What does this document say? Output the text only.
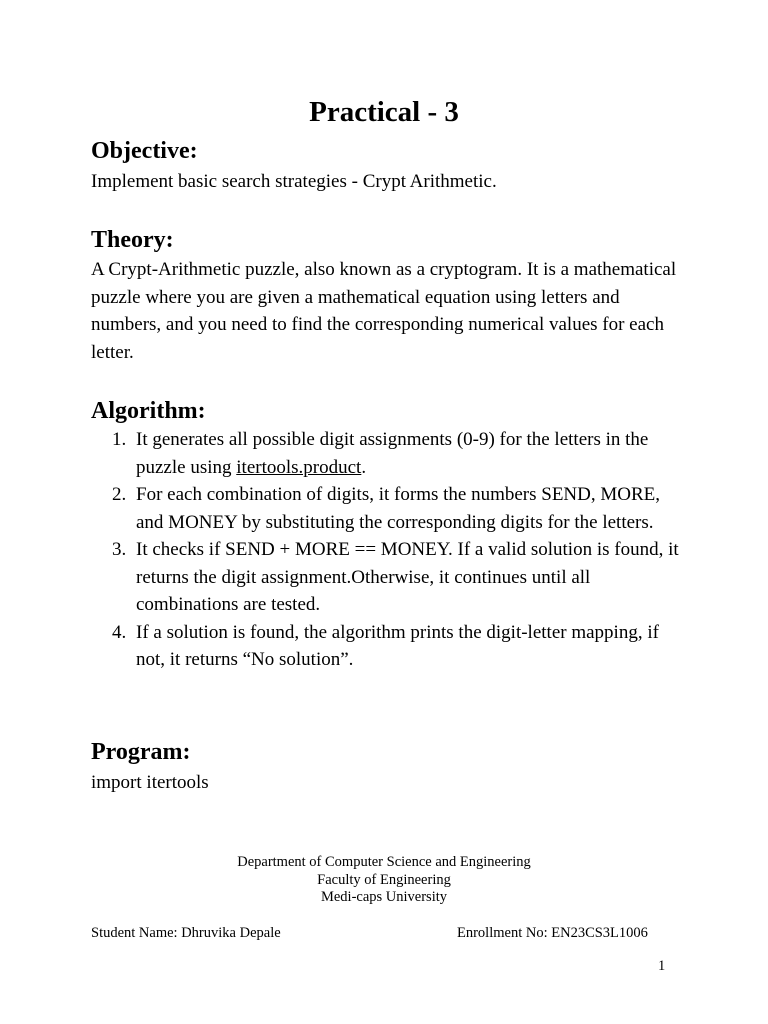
Practical - 3
Objective:

Implement basic search strategies - Crypt Arithmetic.

Theory:

A Crypt-Arithmetic puzzle, also known as a cryptogram. It is a mathematical puzzle where you are given a mathematical equation using letters and numbers, and you need to find the corresponding numerical values for each letter.

Algorithm:
1. It generates all possible digit assignments (0-9) for the letters in the puzzle using itertools.product.
2. For each combination of digits, it forms the numbers SEND, MORE, and MONEY by substituting the corresponding digits for the letters.
3. It checks if SEND + MORE == MONEY. If a valid solution is found, it returns the digit assignment.Otherwise, it continues until all combinations are tested.
4. If a solution is found, the algorithm prints the digit-letter mapping, if not, it returns “No solution”.
Program:

import itertools

Department of Computer Science and Engineering

Faculty of Engineering

Medi-caps University

Student Name: Dhruvika Depale	Enrollment No: EN23CS3L1006

1
